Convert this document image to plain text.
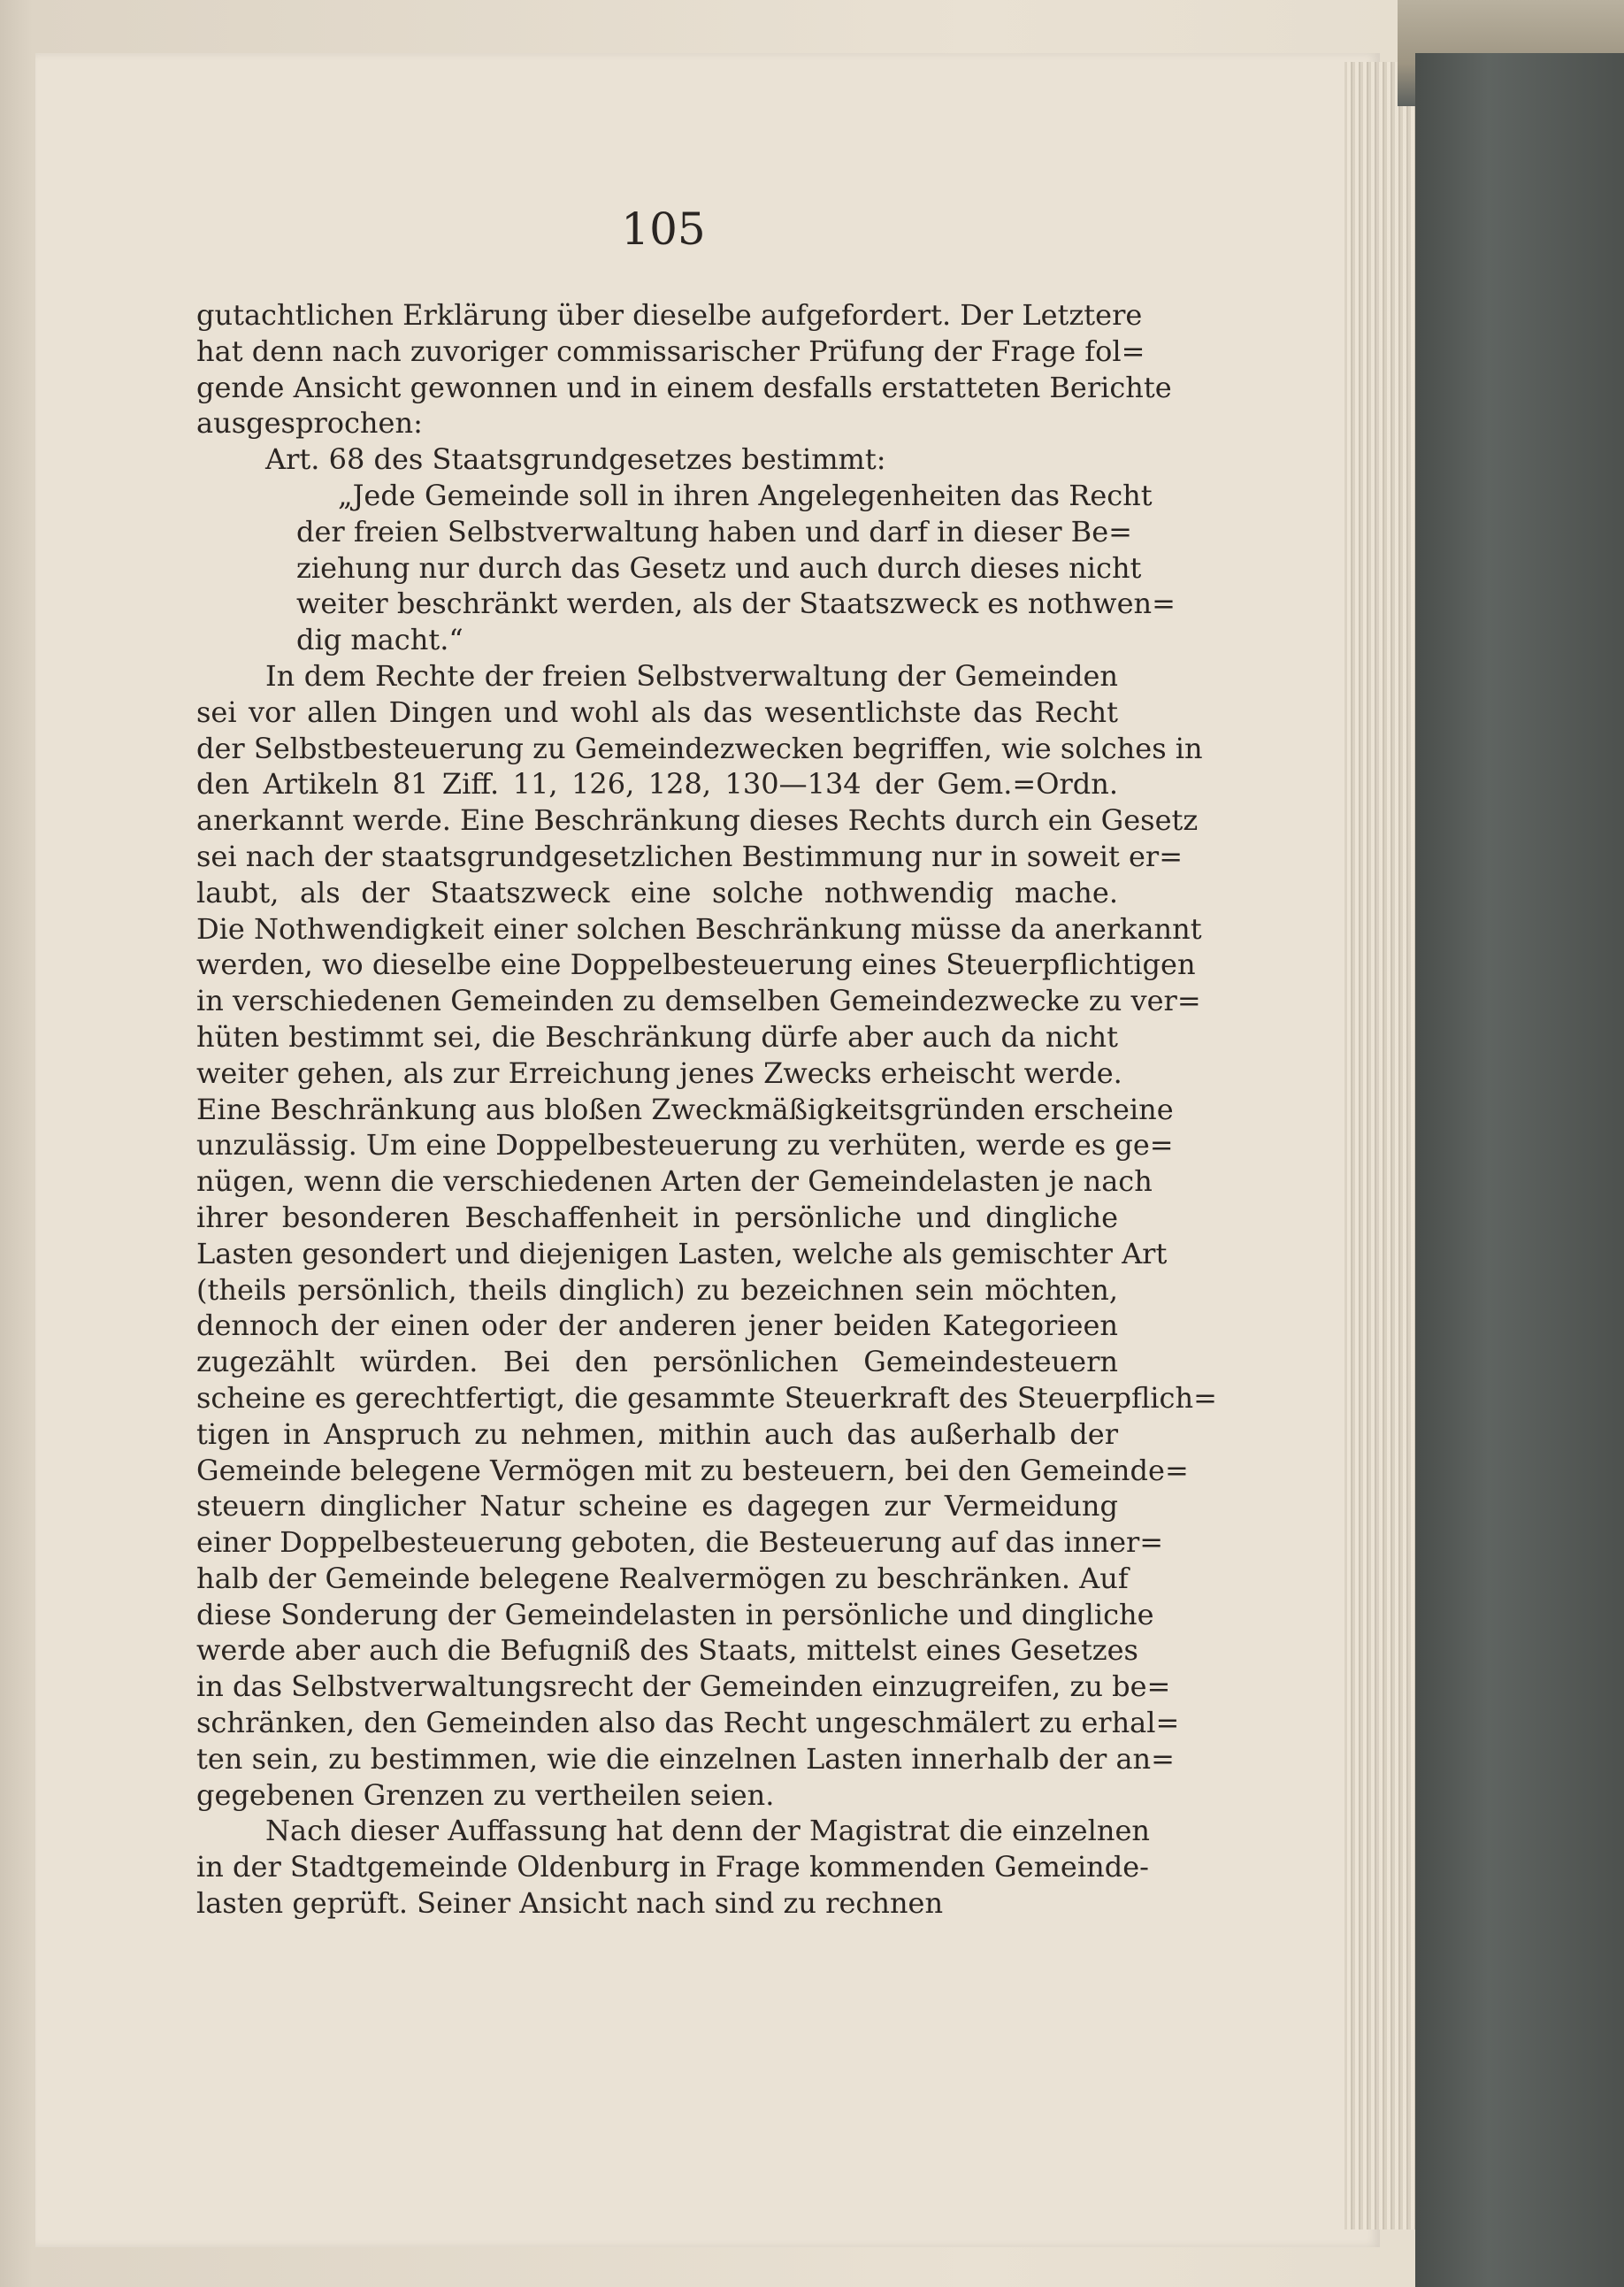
105
gutachtlichen Erklärung über dieselbe aufgefordert. Der Letztere
hat denn nach zuvoriger commissarischer Prüfung der Frage fol=
gende Ansicht gewonnen und in einem desfalls erstatteten Berichte
ausgesprochen:
Art. 68 des Staatsgrundgesetzes bestimmt:
„Jede Gemeinde soll in ihren Angelegenheiten das Recht
der freien Selbstverwaltung haben und darf in dieser Be=
ziehung nur durch das Gesetz und auch durch dieses nicht
weiter beschränkt werden, als der Staatszweck es nothwen=
dig macht.“
In dem Rechte der freien Selbstverwaltung der Gemeinden
sei vor allen Dingen und wohl als das wesentlichste das Recht
der Selbstbesteuerung zu Gemeindezwecken begriffen, wie solches in
den Artikeln 81 Ziff. 11, 126, 128, 130—134 der Gem.=Ordn.
anerkannt werde. Eine Beschränkung dieses Rechts durch ein Gesetz
sei nach der staatsgrundgesetzlichen Bestimmung nur in soweit er=
laubt, als der Staatszweck eine solche nothwendig mache.
Die Nothwendigkeit einer solchen Beschränkung müsse da anerkannt
werden, wo dieselbe eine Doppelbesteuerung eines Steuerpflichtigen
in verschiedenen Gemeinden zu demselben Gemeindezwecke zu ver=
hüten bestimmt sei, die Beschränkung dürfe aber auch da nicht
weiter gehen, als zur Erreichung jenes Zwecks erheischt werde.
Eine Beschränkung aus bloßen Zweckmäßigkeitsgründen erscheine
unzulässig. Um eine Doppelbesteuerung zu verhüten, werde es ge=
nügen, wenn die verschiedenen Arten der Gemeindelasten je nach
ihrer besonderen Beschaffenheit in persönliche und dingliche
Lasten gesondert und diejenigen Lasten, welche als gemischter Art
(theils persönlich, theils dinglich) zu bezeichnen sein möchten,
dennoch der einen oder der anderen jener beiden Kategorieen
zugezählt würden. Bei den persönlichen Gemeindesteuern
scheine es gerechtfertigt, die gesammte Steuerkraft des Steuerpflich=
tigen in Anspruch zu nehmen, mithin auch das außerhalb der
Gemeinde belegene Vermögen mit zu besteuern, bei den Gemeinde=
steuern dinglicher Natur scheine es dagegen zur Vermeidung
einer Doppelbesteuerung geboten, die Besteuerung auf das inner=
halb der Gemeinde belegene Realvermögen zu beschränken. Auf
diese Sonderung der Gemeindelasten in persönliche und dingliche
werde aber auch die Befugniß des Staats, mittelst eines Gesetzes
in das Selbstverwaltungsrecht der Gemeinden einzugreifen, zu be=
schränken, den Gemeinden also das Recht ungeschmälert zu erhal=
ten sein, zu bestimmen, wie die einzelnen Lasten innerhalb der an=
gegebenen Grenzen zu vertheilen seien.
Nach dieser Auffassung hat denn der Magistrat die einzelnen
in der Stadtgemeinde Oldenburg in Frage kommenden Gemeinde-
lasten geprüft. Seiner Ansicht nach sind zu rechnen
